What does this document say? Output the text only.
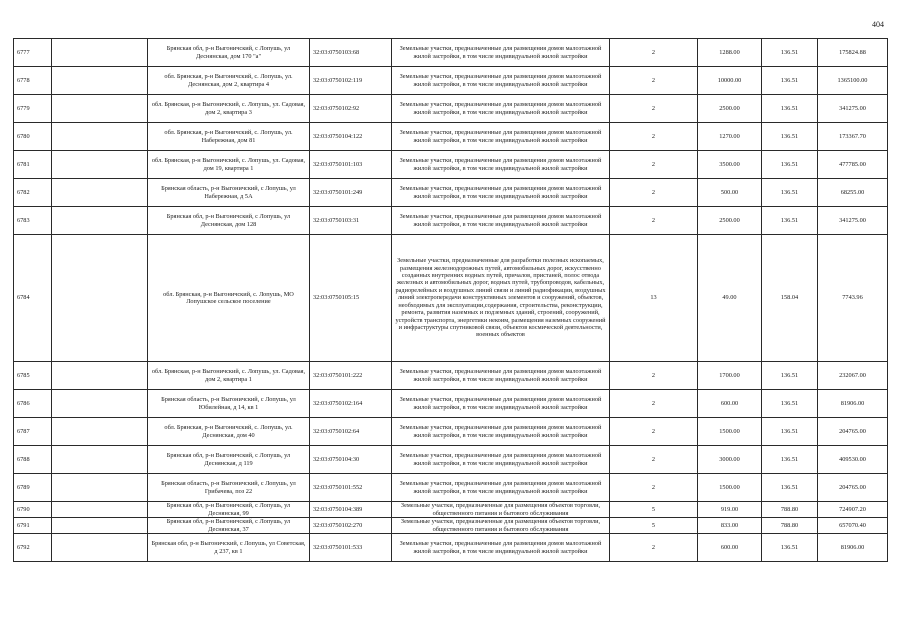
404
6777		Брянская обл, р-н Выгоничский, с Лопушь, ул Деснянская, дом 170 "а"	32:03:0750103:68	Земельные участки, предназначенные для размещения домов малоэтажной жилой застройки, в том числе индивидуальной жилой застройки	2	1288.00	136.51	175824.88
6778		обл. Брянская, р-н Выгоничский, с. Лопушь, ул. Деснянская, дом 2, квартира 4	32:03:0750102:119	Земельные участки, предназначенные для размещения домов малоэтажной жилой застройки, в том числе индивидуальной жилой застройки	2	10000.00	136.51	1365100.00
6779		обл. Брянская, р-н Выгоничский, с. Лопушь, ул. Садовая, дом 2, квартира 3	32:03:0750102:92	Земельные участки, предназначенные для размещения домов малоэтажной жилой застройки, в том числе индивидуальной жилой застройки	2	2500.00	136.51	341275.00
6780		обл. Брянская, р-н Выгоничский, с. Лопушь, ул. Набережная, дом 81	32:03:0750104:122	Земельные участки, предназначенные для размещения домов малоэтажной жилой застройки, в том числе индивидуальной жилой застройки	2	1270.00	136.51	173367.70
6781		обл. Брянская, р-н Выгоничский, с. Лопушь, ул. Садовая, дом 19, квартира 1	32:03:0750101:103	Земельные участки, предназначенные для размещения домов малоэтажной жилой застройки, в том числе индивидуальной жилой застройки	2	3500.00	136.51	477785.00
6782		Брянская область, р-н Выгоничский, с Лопушь, ул Набережная, д 5А	32:03:0750101:249	Земельные участки, предназначенные для размещения домов малоэтажной жилой застройки, в том числе индивидуальной жилой застройки	2	500.00	136.51	68255.00
6783		Брянская обл, р-н Выгоничский, с Лопушь, ул Деснянская, дом 128	32:03:0750103:31	Земельные участки, предназначенные для размещения домов малоэтажной жилой застройки, в том числе индивидуальной жилой застройки	2	2500.00	136.51	341275.00
6784		обл. Брянская, р-н Выгоничский, с. Лопушь, МО Лопушское сельское поселение	32:03:0750105:15	Земельные участки, предназначенные для разработки полезных ископаемых, размещения железнодорожных путей, автомобильных дорог, искусственно созданных внутренних водных путей, причалов, пристаней, полос отвода железных и автомобильных дорог, водных путей, трубопроводов, кабельных, радиорелейных и воздушных линий связи и линий радиофикации, воздушных линий электропередачи конструктивных элементов и сооружений, объектов, необходимых для эксплуатации,содержания, строительства, реконструкции, ремонта, развития наземных и подземных зданий, строений, сооружений, устройств транспорта, энергетики некоим, размещения наземных сооружений и инфраструктуры спутниковой связи, объектов космической деятельности, военных объектов	13	49.00	158.04	7743.96
6785		обл. Брянская, р-н Выгоничский, с. Лопушь, ул. Садовая, дом 2, квартира 1	32:03:0750101:222	Земельные участки, предназначенные для размещения домов малоэтажной жилой застройки, в том числе индивидуальной жилой застройки	2	1700.00	136.51	232067.00
6786		Брянская область, р-н Выгоничский, с Лопушь, ул Юбилейная, д 14, кв 1	32:03:0750102:164	Земельные участки, предназначенные для размещения домов малоэтажной жилой застройки, в том числе индивидуальной жилой застройки	2	600.00	136.51	81906.00
6787		обл. Брянская, р-н Выгоничский, с. Лопушь, ул. Деснянская, дом 40	32:03:0750102:64	Земельные участки, предназначенные для размещения домов малоэтажной жилой застройки, в том числе индивидуальной жилой застройки	2	1500.00	136.51	204765.00
6788		Брянская обл, р-н Выгоничский, с Лопушь, ул Деснянская, д 119	32:03:0750104:30	Земельные участки, предназначенные для размещения домов малоэтажной жилой застройки, в том числе индивидуальной жилой застройки	2	3000.00	136.51	409530.00
6789		Брянская область, р-н Выгоничский, с Лопушь, ул Грибачева, поз 22	32:03:0750101:552	Земельные участки, предназначенные для размещения домов малоэтажной жилой застройки, в том числе индивидуальной жилой застройки	2	1500.00	136.51	204765.00
6790		Брянская обл, р-н Выгоничский, с Лопушь, ул Деснянская, 99	32:03:0750104:389	Земельные участки, предназначенные для размещения объектов торговли, общественного питания и бытового обслуживания	5	919.00	788.80	724907.20
6791		Брянская обл, р-н Выгоничский, с Лопушь, ул Деснянская, 37	32:03:0750102:270	Земельные участки, предназначенные для размещения объектов торговли, общественного питания и бытового обслуживания	5	833.00	788.80	657070.40
6792		Брянская обл, р-н Выгоничский, с Лопушь, ул Советская, д 237, кв 1	32:03:0750101:533	Земельные участки, предназначенные для размещения домов малоэтажной жилой застройки, в том числе индивидуальной жилой застройки	2	600.00	136.51	81906.00
